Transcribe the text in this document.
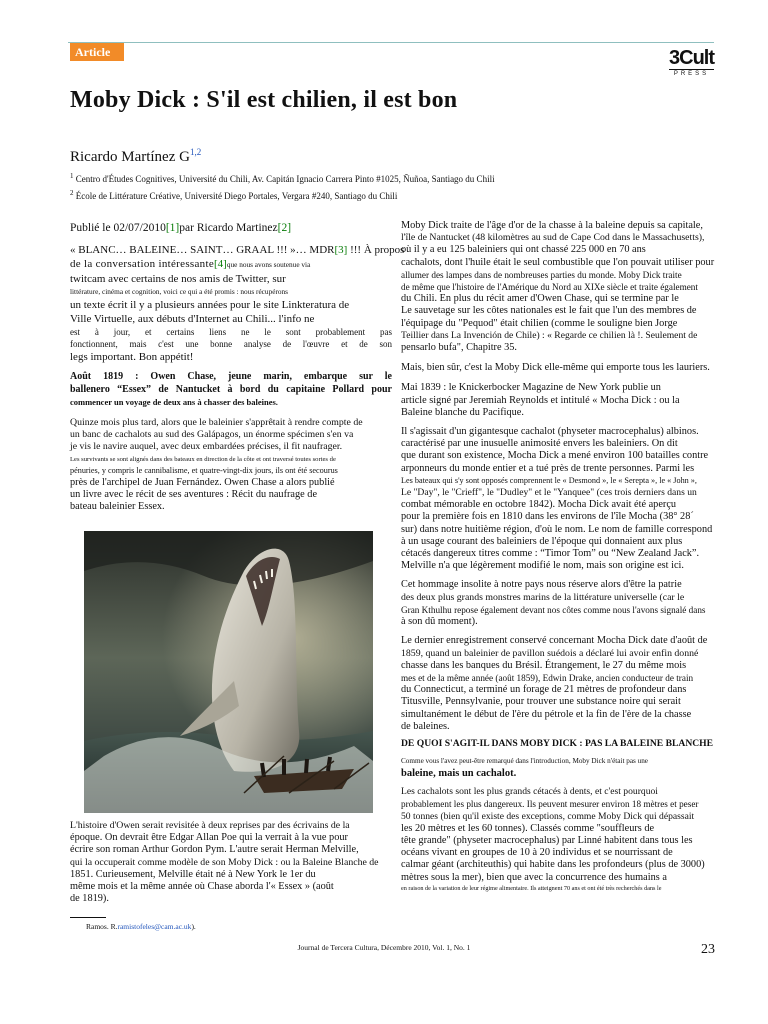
Article	3Cult
PRESS
Moby Dick : S'il est chilien, il est bon
Ricardo Martínez G$^{1,2}$
$^1$ Centro d'Études Cognitives, Université du Chili, Av. Capitán Ignacio Carrera Pinto #1025, Ñuñoa, Santiago du Chili
$^2$ École de Littérature Créative, Université Diego Portales, Vergara #240, Santiago du Chili
Publié le 02/07/2010[1]par Ricardo Martinez[2]
« BLANC… BALEINE… SAINT… GRAAL !!! »… MDR[3] !!! À propos
de la conversation intéressante[4]que nous avons soutenue via
twitcam avec certains de nos amis de Twitter, sur
littérature, cinéma et cognition, voici ce qui a été promis : nous récupérons
un texte écrit il y a plusieurs années pour le site Linkteratura de
Ville Virtuelle, aux débuts d'Internet au Chili... l'info ne
est à jour, et certains liens ne le sont probablement pas
fonctionnent, mais c'est une bonne analyse de l'œuvre et de son
legs important. Bon appétit!
Août 1819 : Owen Chase, jeune marin, embarque sur le
ballenero “Essex” de Nantucket à bord du capitaine Pollard pour
commencer un voyage de deux ans à chasser des baleines.
Quinze mois plus tard, alors que le baleinier s'apprêtait à rendre compte de
un banc de cachalots au sud des Galápagos, un énorme spécimen s'en va
je vis le navire auquel, avec deux embardées précises, il fit naufrager.
Les survivants se sont alignés dans des bateaux en direction de la côte et ont traversé toutes sortes de
pénuries, y compris le cannibalisme, et quatre-vingt-dix jours, ils ont été secourus
près de l'archipel de Juan Fernández. Owen Chase a alors publié
un livre avec le récit de ses aventures : Récit du naufrage de
bateau baleinier Essex.
L'histoire d'Owen serait revisitée à deux reprises par des écrivains de la
époque. On devrait être Edgar Allan Poe qui la verrait à la vue pour
écrire son roman Arthur Gordon Pym. L'autre serait Herman Melville,
qui la occuperait comme modèle de son Moby Dick : ou la Baleine Blanche de
1851. Curieusement, Melville était né à New York le 1er du
même mois et la même année où Chase aborda l'« Essex » (août
de 1819).
Moby Dick traite de l'âge d'or de la chasse à la baleine depuis sa capitale,
l'île de Nantucket (48 kilomètres au sud de Cape Cod dans le Massachusetts),
où il y a eu 125 baleiniers qui ont chassé 225 000 en 70 ans
cachalots, dont l'huile était le seul combustible que l'on pouvait utiliser pour
allumer des lampes dans de nombreuses parties du monde. Moby Dick traite
de même que l'histoire de l'Amérique du Nord au XIXe siècle et traite également
du Chili. En plus du récit amer d'Owen Chase, qui se termine par le
Le sauvetage sur les côtes nationales est le fait que l'un des membres de
l'équipage du "Pequod" était chilien (comme le souligne bien Jorge
Teillier dans La Invención de Chile) : « Regarde ce chilien là !. Seulement de
pensarlo bufa", Chapitre 35.
Mais, bien sûr, c'est la Moby Dick elle-même qui emporte tous les lauriers.
Mai 1839 : le Knickerbocker Magazine de New York publie un
article signé par Jeremiah Reynolds et intitulé « Mocha Dick : ou la
Baleine blanche du Pacifique.
Il s'agissait d'un gigantesque cachalot (physeter macrocephalus) albinos.
caractérisé par une inusuelle animosité envers les baleiniers. On dit
que durant son existence, Mocha Dick a mené environ 100 batailles contre
arponneurs du monde entier et a tué près de trente personnes. Parmi les
Les bateaux qui s'y sont opposés comprennent le « Desmond », le « Serepta », le « John »,
Le "Day", le "Crieff", le "Dudley" et le "Yanquee" (ces trois derniers dans un
combat mémorable en octobre 1842). Mocha Dick avait été aperçu
pour la première fois en 1810 dans les environs de l'île Mocha (38° 28´
sur) dans notre huitième région, d'où le nom. Le nom de famille correspond
à un usage courant des baleiniers de l'époque qui donnaient aux plus
cétacés dangereux titres comme : “Timor Tom” ou “New Zealand Jack”.
Melville n'a que légèrement modifié le nom, mais son origine est ici.
Cet hommage insolite à notre pays nous réserve alors d'être la patrie
des deux plus grands monstres marins de la littérature universelle (car le
Gran Kthulhu repose également devant nos côtes comme nous l'avons signalé dans
à son dû moment).
Le dernier enregistrement conservé concernant Mocha Dick date d'août de
1859, quand un baleinier de pavillon suédois a déclaré lui avoir enfin donné
chasse dans les banques du Brésil. Étrangement, le 27 du même mois
mes et de la même année (août 1859), Edwin Drake, ancien conducteur de train
du Connecticut, a terminé un forage de 21 mètres de profondeur dans
Titusville, Pennsylvanie, pour trouver une substance noire qui serait
simultanément le début de l'ère du pétrole et la fin de l'ère de la chasse
de baleines.
DE QUOI S'AGIT-IL DANS MOBY DICK : PAS LA BALEINE BLANCHE
Comme vous l'avez peut-être remarqué dans l'introduction, Moby Dick n'était pas une
baleine, mais un cachalot.
Les cachalots sont les plus grands cétacés à dents, et c'est pourquoi
probablement les plus dangereux. Ils peuvent mesurer environ 18 mètres et peser
50 tonnes (bien qu'il existe des exceptions, comme Moby Dick qui dépassait
les 20 mètres et les 60 tonnes). Classés comme "souffleurs de
tête grande" (physeter macrocephalus) par Linné habitent dans tous les
océans vivant en groupes de 10 à 20 individus et se nourrissant de
calmar géant (architeuthis) qui habite dans les profondeurs (plus de 3000)
mètres sous la mer), bien que avec la concurrence des humains a
en raison de la variation de leur régime alimentaire. Ils atteignent 70 ans et ont été très recherchés dans le
Ramos. R.ramistofeles@cam.ac.uk).
Journal de Tercera Cultura, Décembre 2010, Vol. 1, No. 1	23
